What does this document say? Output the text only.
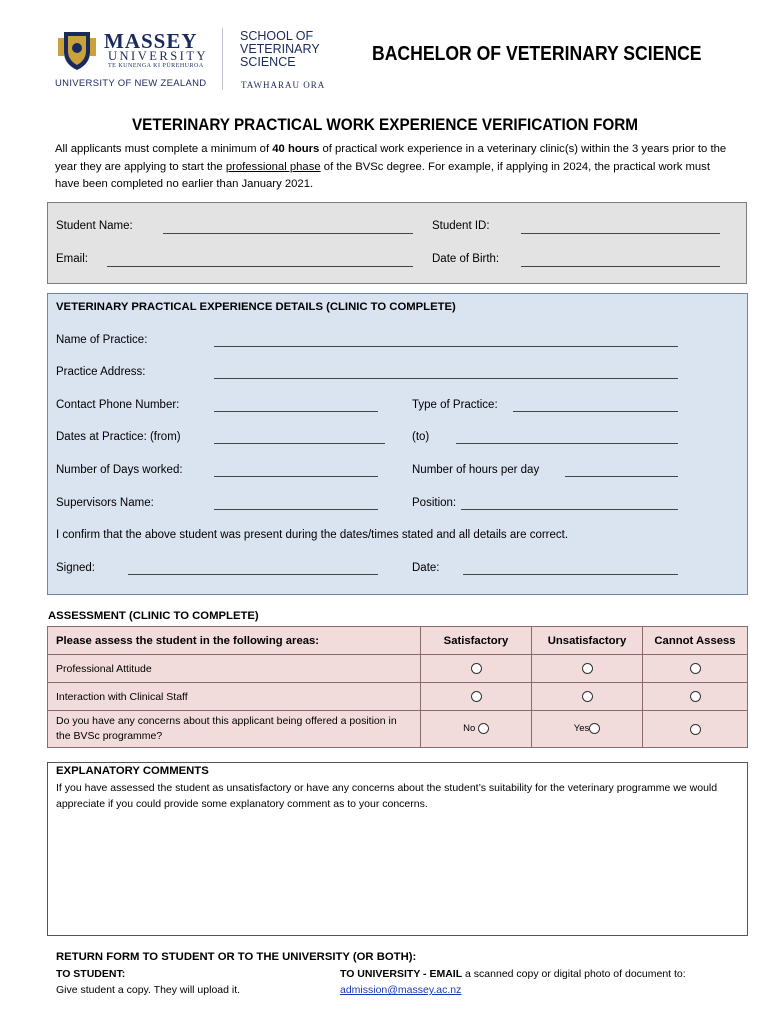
MASSEY
UNIVERSITY
TE KUNENGA KI PŪREHUROA
UNIVERSITY OF NEW ZEALAND
SCHOOL OF
VETERINARY
SCIENCE
TAWHARAU ORA
BACHELOR OF VETERINARY SCIENCE
VETERINARY PRACTICAL WORK EXPERIENCE VERIFICATION FORM
All applicants must complete a minimum of 40 hours of practical work experience in a veterinary clinic(s) within the 3 years prior to the year they are applying to start the professional phase of the BVSc degree. For example, if applying in 2024, the practical work must have been completed no earlier than January 2021.
Student Name:	Student ID:
Email:	Date of Birth:
VETERINARY PRACTICAL EXPERIENCE DETAILS (CLINIC TO COMPLETE)
Name of Practice:
Practice Address:
Contact Phone Number:	Type of Practice:
Dates at Practice: (from)	(to)
Number of Days worked:	Number of hours per day
Supervisors Name:	Position:
I confirm that the above student was present during the dates/times stated and all details are correct.
Signed:	Date:
ASSESSMENT (CLINIC TO COMPLETE)
Please assess the student in the following areas:	Satisfactory	Unsatisfactory	Cannot Assess
Professional Attitude			
Interaction with Clinical Staff			
Do you have any concerns about this applicant being offered a position in the BVSc programme?	No	Yes	
EXPLANATORY COMMENTS
If you have assessed the student as unsatisfactory or have any concerns about the student’s suitability for the veterinary programme we would appreciate if you could provide some explanatory comment as to your concerns.
RETURN FORM TO STUDENT OR TO THE UNIVERSITY (OR BOTH):
TO STUDENT:
Give student a copy. They will upload it.
TO UNIVERSITY - EMAIL a scanned copy or digital photo of document to:
admission@massey.ac.nz
